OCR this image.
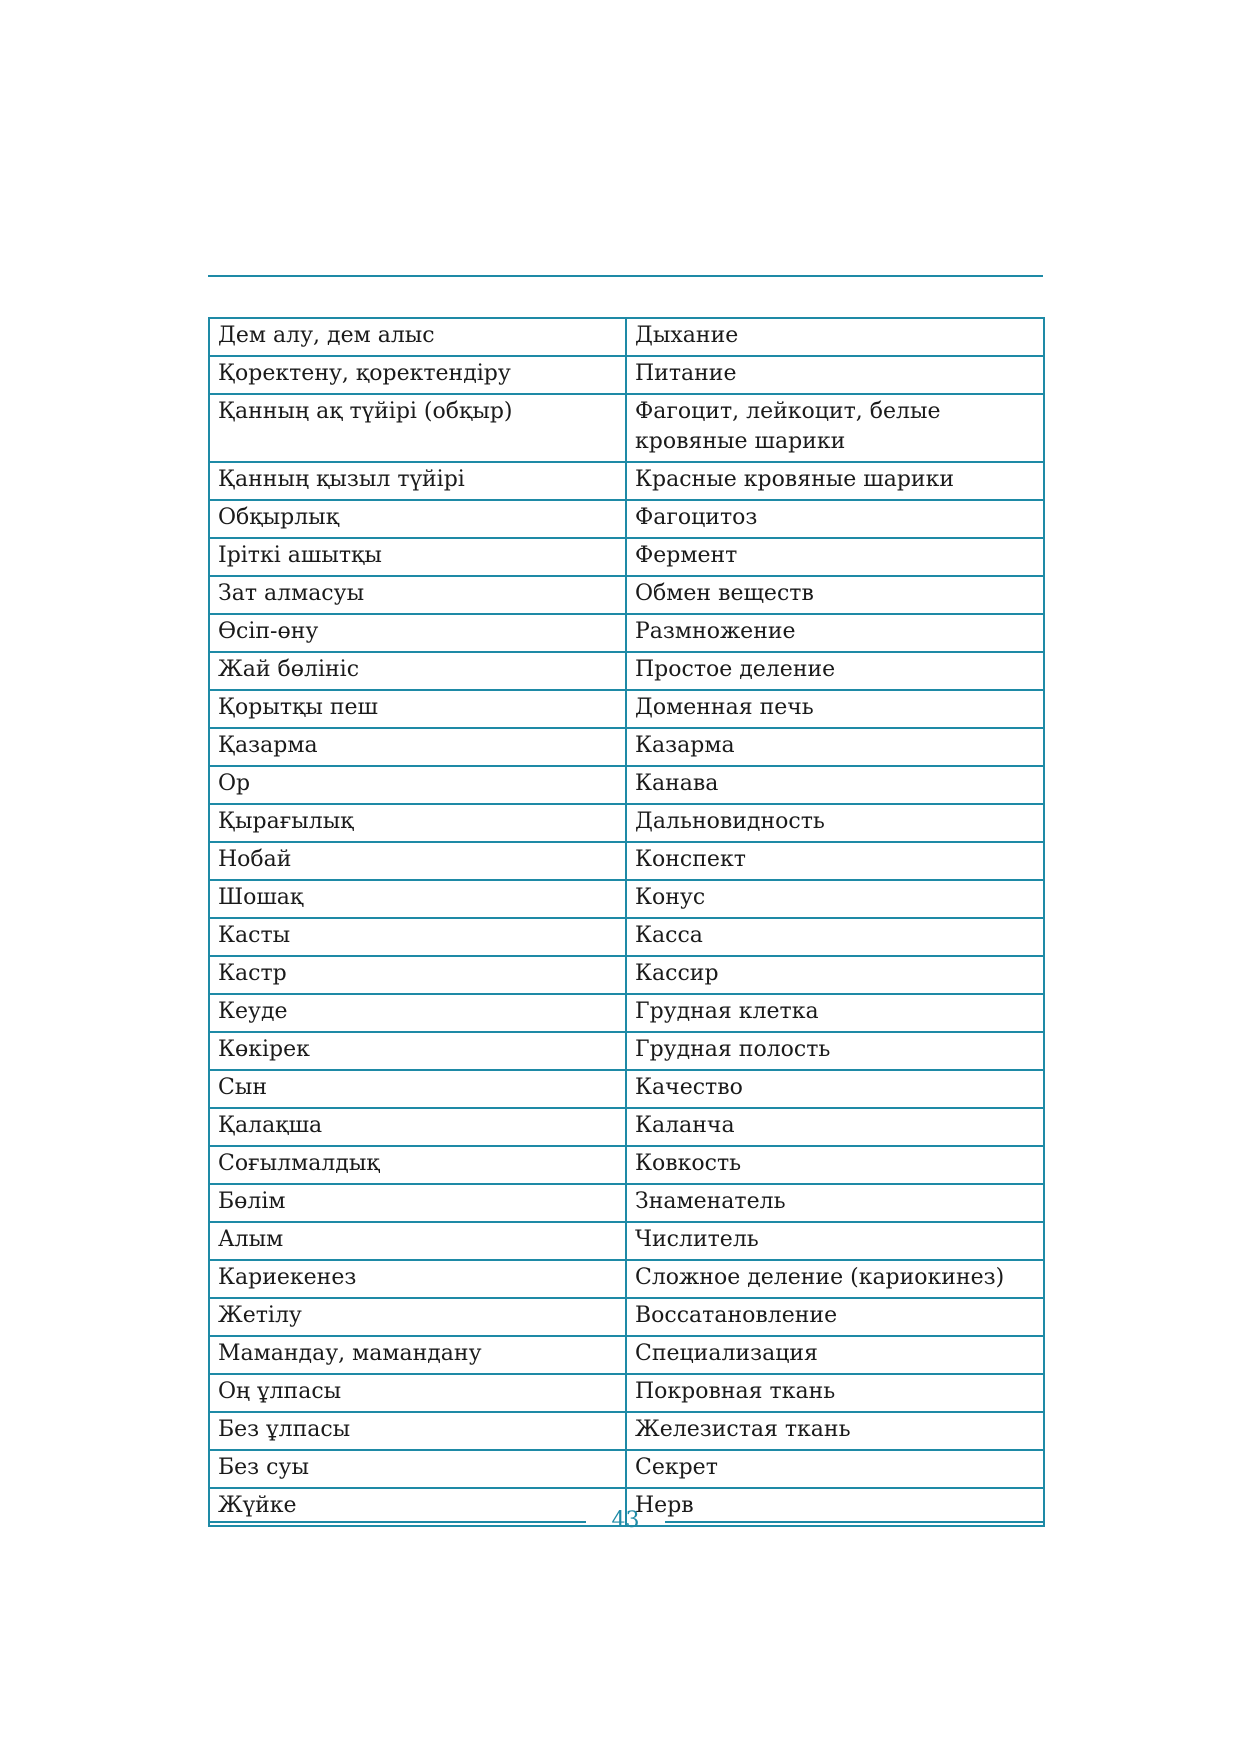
Дем алу, дем алыс	Дыхание
Қоректену, қоректендіру	Питание
Қанның ақ түйірі (обқыр)	Фагоцит, лейкоцит, белые кровяные шарики
Қанның қызыл түйірі	Красные кровяные шарики
Обқырлық	Фагоцитоз
Іріткі ашытқы	Фермент
Зат алмасуы	Обмен веществ
Өсіп-өну	Размножение
Жай бөлініс	Простое деление
Қорытқы пеш	Доменная печь
Қазарма	Казарма
Ор	Канава
Қырағылық	Дальновидность
Нобай	Конспект
Шошақ	Конус
Касты	Касса
Кастр	Кассир
Кеуде	Грудная клетка
Көкірек	Грудная полость
Сын	Качество
Қалақша	Каланча
Соғылмалдық	Ковкость
Бөлім	Знаменатель
Алым	Числитель
Кариекенез	Сложное деление (кариокинез)
Жетілу	Воссатановление
Мамандау, мамандану	Специализация
Оң ұлпасы	Покровная ткань
Без ұлпасы	Железистая ткань
Без суы	Секрет
Жүйке	Нерв
43
